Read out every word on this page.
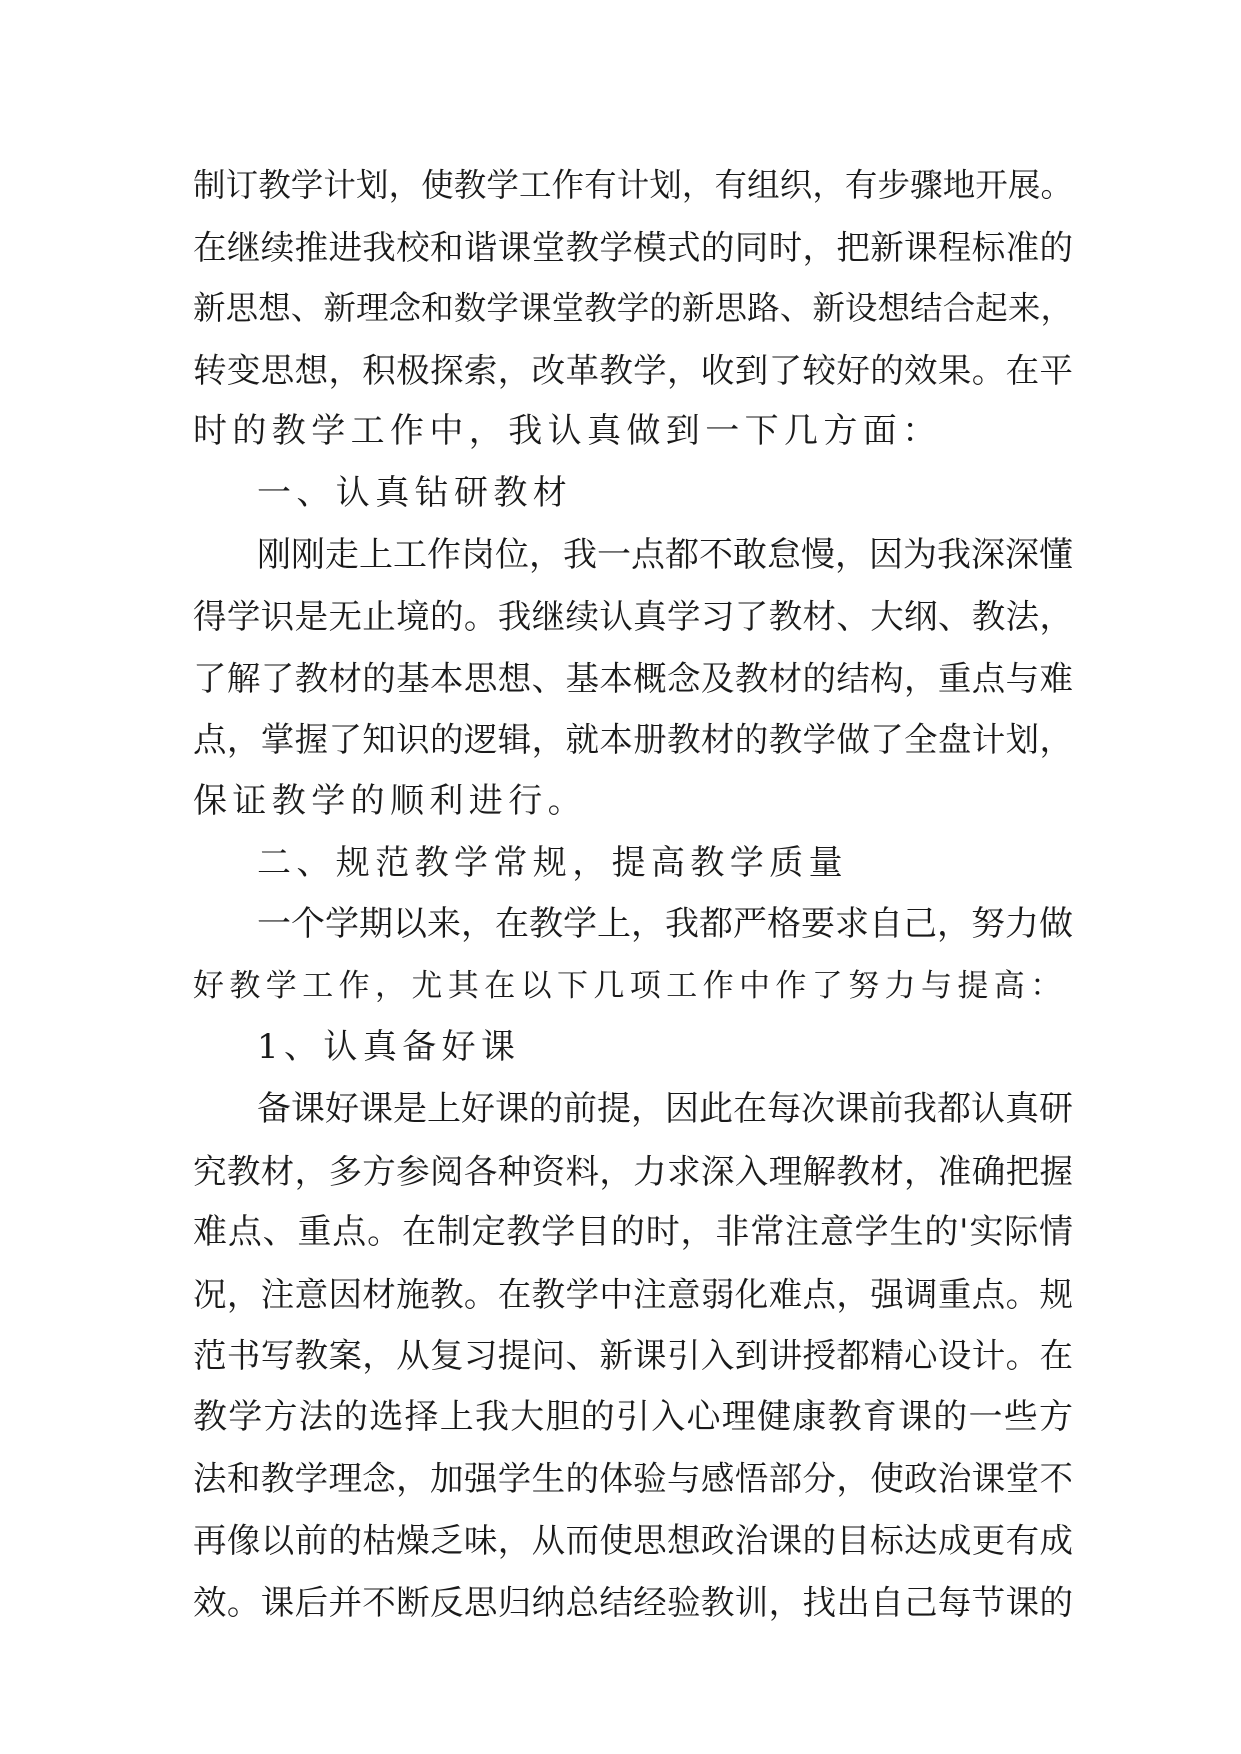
制订教学计划，使教学工作有计划，有组织，有步骤地开展。
在继续推进我校和谐课堂教学模式的同时，把新课程标准的
新思想、新理念和数学课堂教学的新思路、新设想结合起来，
转变思想，积极探索，改革教学，收到了较好的效果。在平
时的教学工作中，我认真做到一下几方面：
一、认真钻研教材
刚刚走上工作岗位，我一点都不敢怠慢，因为我深深懂
得学识是无止境的。我继续认真学习了教材、大纲、教法，
了解了教材的基本思想、基本概念及教材的结构，重点与难
点，掌握了知识的逻辑，就本册教材的教学做了全盘计划，
保证教学的顺利进行。
二、规范教学常规，提高教学质量
一个学期以来，在教学上，我都严格要求自己，努力做
好教学工作，尤其在以下几项工作中作了努力与提高：
1、认真备好课
备课好课是上好课的前提，因此在每次课前我都认真研
究教材，多方参阅各种资料，力求深入理解教材，准确把握
难点、重点。在制定教学目的时，非常注意学生的'实际情
况，注意因材施教。在教学中注意弱化难点，强调重点。规
范书写教案，从复习提问、新课引入到讲授都精心设计。在
教学方法的选择上我大胆的引入心理健康教育课的一些方
法和教学理念，加强学生的体验与感悟部分，使政治课堂不
再像以前的枯燥乏味，从而使思想政治课的目标达成更有成
效。课后并不断反思归纳总结经验教训，找出自己每节课的
